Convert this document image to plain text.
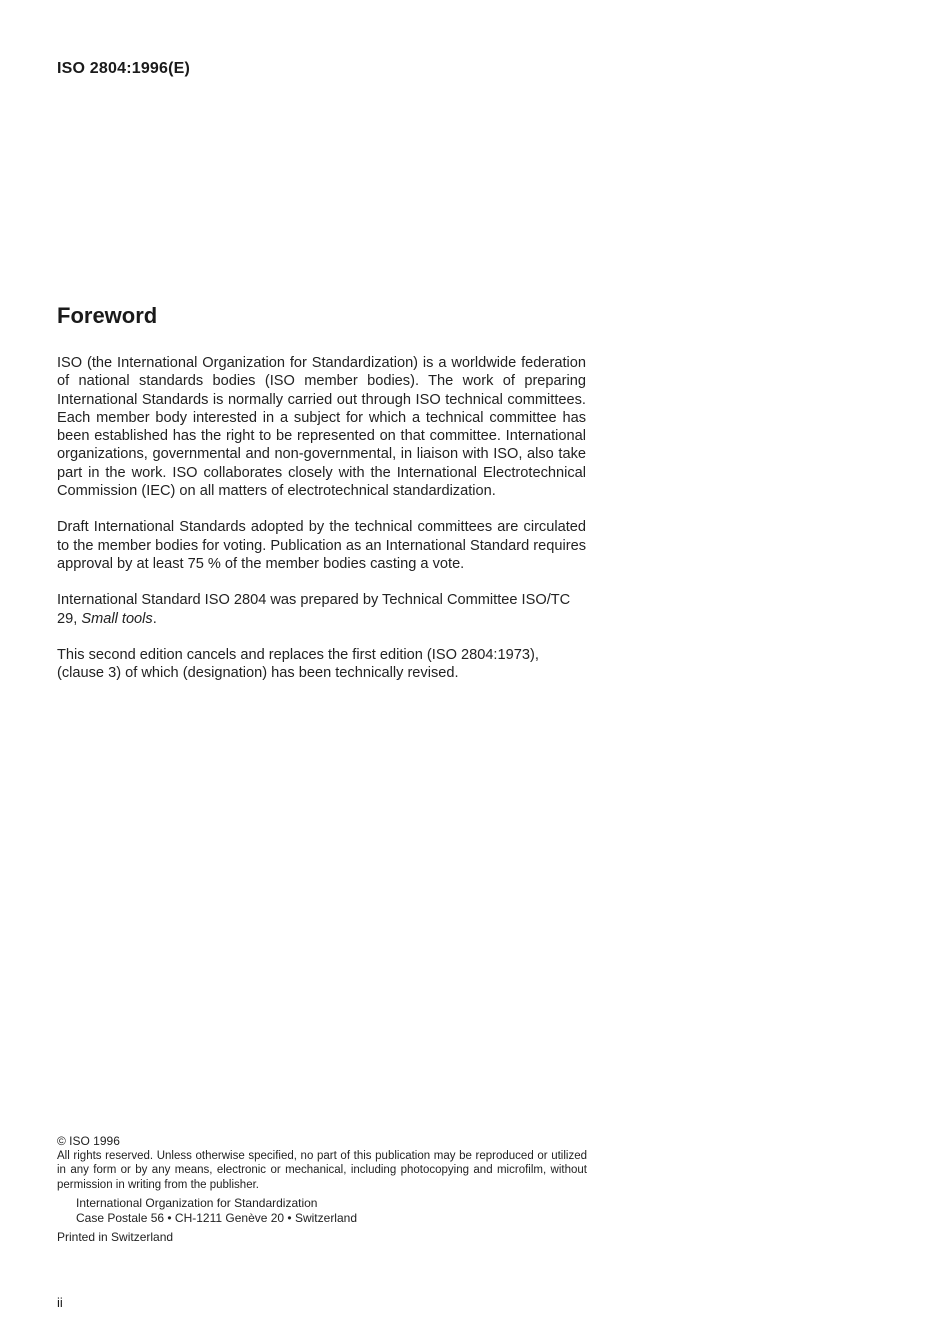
ISO 2804:1996(E)
Foreword

ISO (the International Organization for Standardization) is a worldwide federation of national standards bodies (ISO member bodies). The work of preparing International Standards is normally carried out through ISO technical committees. Each member body interested in a subject for which a technical committee has been established has the right to be represented on that committee. International organizations, governmental and non-governmental, in liaison with ISO, also take part in the work. ISO collaborates closely with the International Electrotechnical Commission (IEC) on all matters of electrotechnical standardization.

Draft International Standards adopted by the technical committees are circulated to the member bodies for voting. Publication as an International Standard requires approval by at least 75 % of the member bodies casting a vote.

International Standard ISO 2804 was prepared by Technical Committee ISO/TC 29, Small tools.

This second edition cancels and replaces the first edition (ISO 2804:1973), (clause 3) of which (designation) has been technically revised.

© ISO 1996
All rights reserved. Unless otherwise specified, no part of this publication may be reproduced or utilized in any form or by any means, electronic or mechanical, including photocopying and microfilm, without permission in writing from the publisher.
International Organization for Standardization
Case Postale 56 • CH-1211 Genève 20 • Switzerland
Printed in Switzerland
ii
